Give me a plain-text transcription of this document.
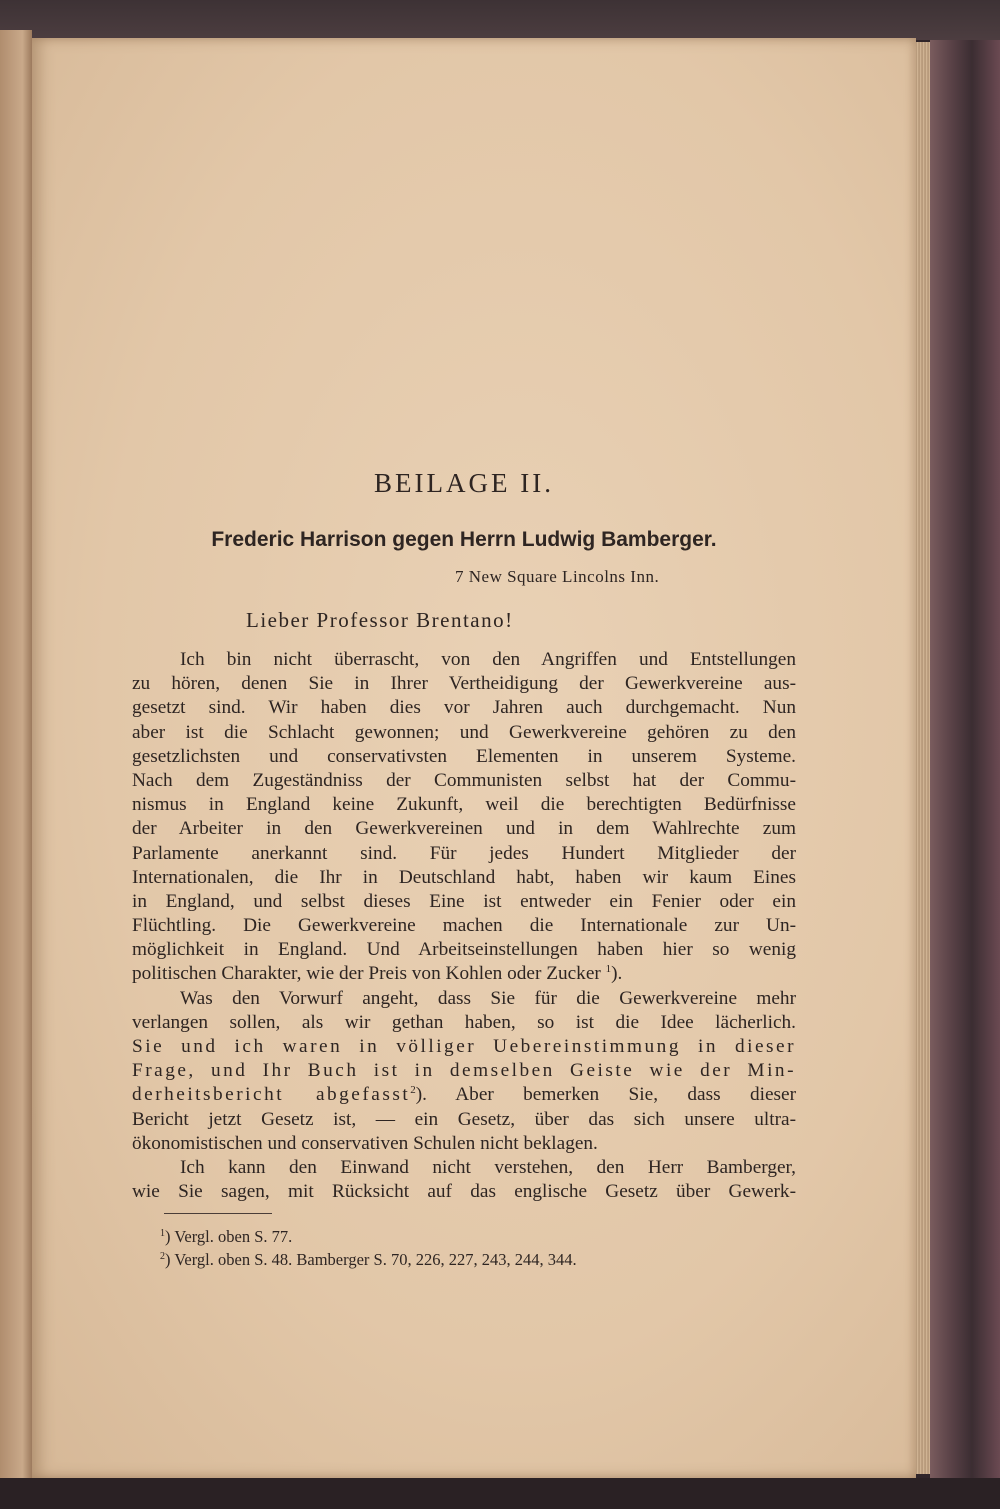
BEILAGE II.
Frederic Harrison gegen Herrn Ludwig Bamberger.
7 New Square Lincolns Inn.
Lieber Professor Brentano!
Ich bin nicht überrascht, von den Angriffen und Entstellungen
zu hören, denen Sie in Ihrer Vertheidigung der Gewerkvereine aus-
gesetzt sind. Wir haben dies vor Jahren auch durchgemacht. Nun
aber ist die Schlacht gewonnen; und Gewerkvereine gehören zu den
gesetzlichsten und conservativsten Elementen in unserem Systeme.
Nach dem Zugeständniss der Communisten selbst hat der Commu-
nismus in England keine Zukunft, weil die berechtigten Bedürfnisse
der Arbeiter in den Gewerkvereinen und in dem Wahlrechte zum
Parlamente anerkannt sind. Für jedes Hundert Mitglieder der
Internationalen, die Ihr in Deutschland habt, haben wir kaum Eines
in England, und selbst dieses Eine ist entweder ein Fenier oder ein
Flüchtling. Die Gewerkvereine machen die Internationale zur Un-
möglichkeit in England. Und Arbeitseinstellungen haben hier so wenig
politischen Charakter, wie der Preis von Kohlen oder Zucker $^1$).
Was den Vorwurf angeht, dass Sie für die Gewerkvereine mehr
verlangen sollen, als wir gethan haben, so ist die Idee lächerlich.
Sie und ich waren in völliger Uebereinstimmung in dieser
Frage, und Ihr Buch ist in demselben Geiste wie der Min-
derheitsbericht abgefasst$^2$). Aber bemerken Sie, dass dieser
Bericht jetzt Gesetz ist, — ein Gesetz, über das sich unsere ultra-
ökonomistischen und conservativen Schulen nicht beklagen.
Ich kann den Einwand nicht verstehen, den Herr Bamberger,
wie Sie sagen, mit Rücksicht auf das englische Gesetz über Gewerk-
$^1$) Vergl. oben S. 77.
$^2$) Vergl. oben S. 48. Bamberger S. 70, 226, 227, 243, 244, 344.
